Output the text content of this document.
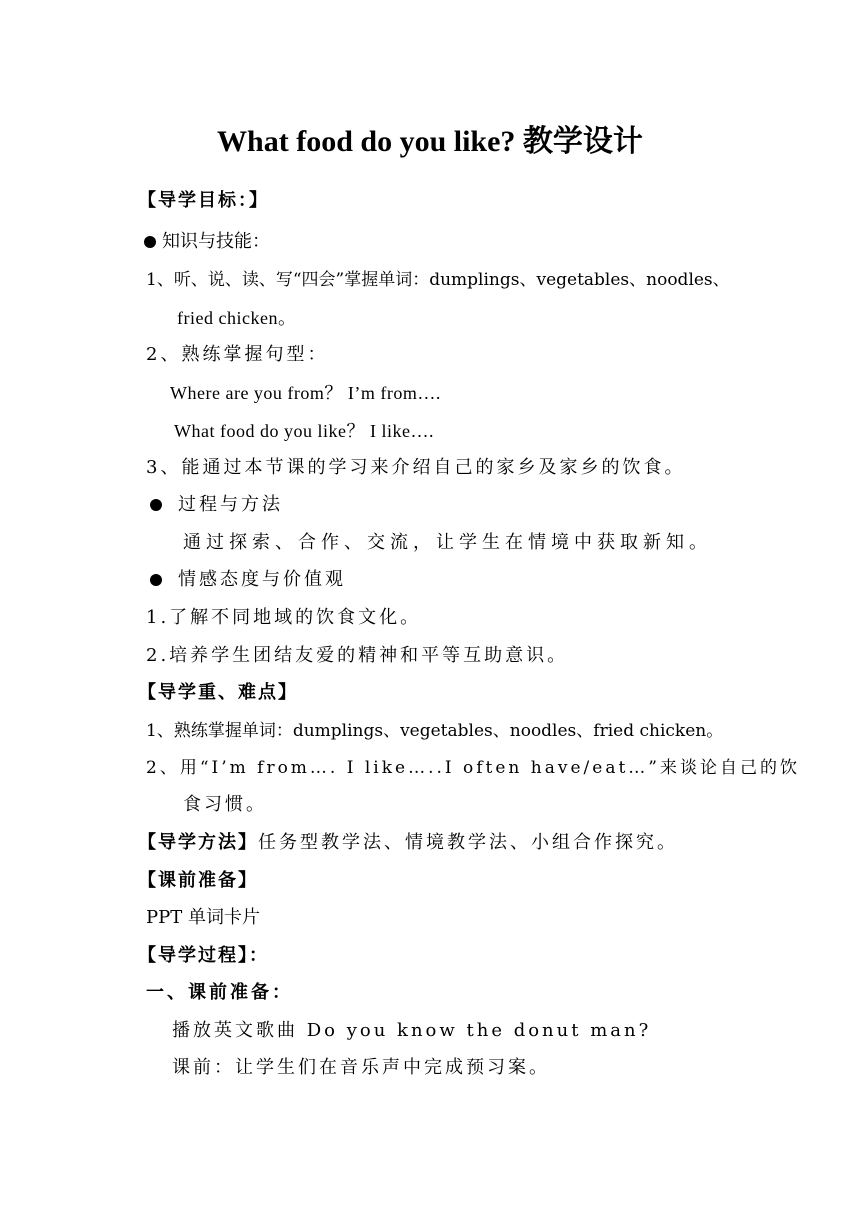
What food do you like? 教学设计
【导学目标：】
知识与技能：
1、听、说、读、写“四会”掌握单词：dumplings、vegetables、noodles、
fried chicken。
2、熟练掌握句型：
Where are you from？ I’m from….
What food do you like？ I like….
3、能通过本节课的学习来介绍自己的家乡及家乡的饮食。
过程与方法
通过探索、合作、交流，让学生在情境中获取新知。
情感态度与价值观
1.了解不同地域的饮食文化。
2.培养学生团结友爱的精神和平等互助意识。
【导学重、难点】
1、熟练掌握单词：dumplings、vegetables、noodles、fried chicken。
2、用“I’m from…. I like…..I often have/eat…”来谈论自己的饮
食习惯。
【导学方法】任务型教学法、情境教学法、小组合作探究。
【课前准备】
PPT 单词卡片
【导学过程】：
一、课前准备：
播放英文歌曲 Do you know the donut man?
课前：让学生们在音乐声中完成预习案。
